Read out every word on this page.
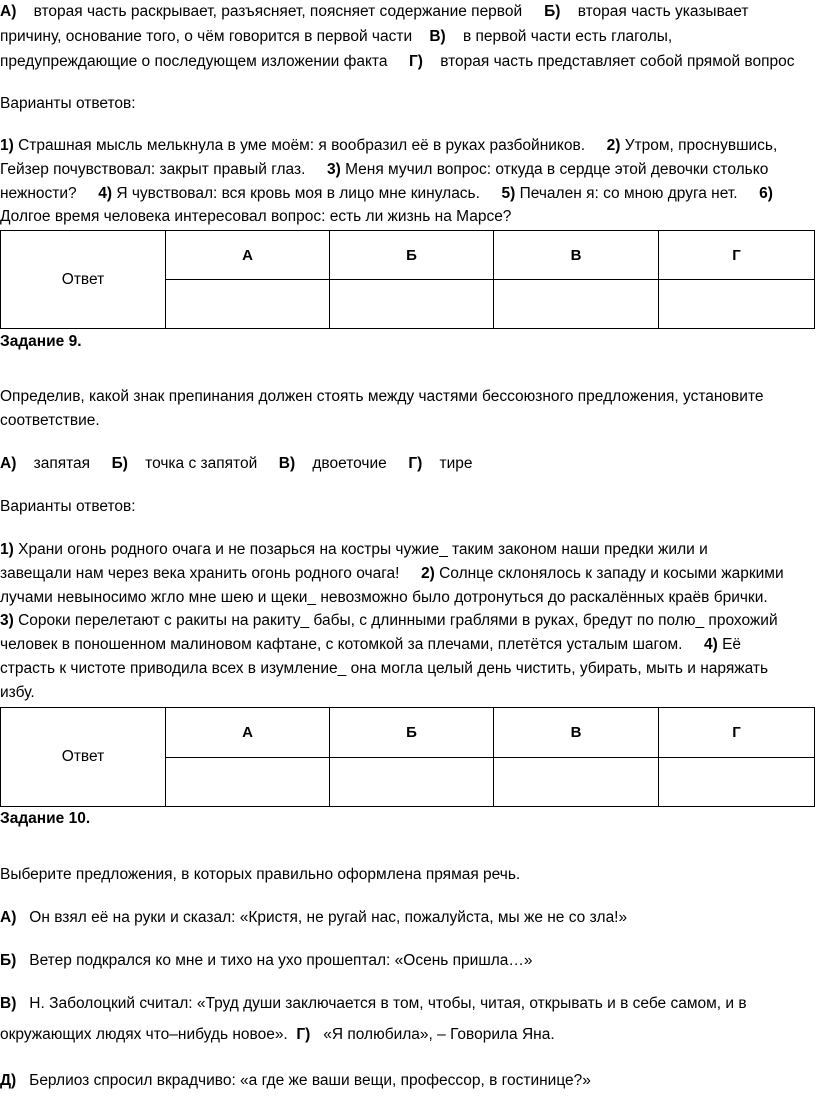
А) вторая часть раскрывает, разъясняет, поясняет содержание первой Б) вторая часть указывает
причину, основание того, о чём говорится в первой части В) в первой части есть глаголы,
предупреждающие о последующем изложении факта Г) вторая часть представляет собой прямой вопрос
Варианты ответов:
1) Страшная мысль мелькнула в уме моём: я вообразил её в руках разбойников. 2) Утром, проснувшись,
Гейзер почувствовал: закрыт правый глаз. 3) Меня мучил вопрос: откуда в сердце этой девочки столько
нежности? 4) Я чувствовал: вся кровь моя в лицо мне кинулась. 5) Печален я: со мною друга нет. 6)
Долгое время человека интересовал вопрос: есть ли жизнь на Марсе?
Ответ	А	Б	В	Г

Задание 9.
Определив, какой знак препинания должен стоять между частями бессоюзного предложения, установите
соответствие.
А) запятая Б) точка с запятой В) двоеточие Г) тире
Варианты ответов:
1) Храни огонь родного очага и не позарься на костры чужие_ таким законом наши предки жили и
завещали нам через века хранить огонь родного очага! 2) Солнце склонялось к западу и косыми жаркими
лучами невыносимо жгло мне шею и щеки_ невозможно было дотронуться до раскалённых краёв брички.
3) Сороки перелетают с ракиты на ракиту_ бабы, с длинными граблями в руках, бредут по полю_ прохожий
человек в поношенном малиновом кафтане, с котомкой за плечами, плетётся усталым шагом. 4) Её
страсть к чистоте приводила всех в изумление_ она могла целый день чистить, убирать, мыть и наряжать
избу.
Ответ	А	Б	В	Г

Задание 10.
Выберите предложения, в которых правильно оформлена прямая речь.
А) Он взял её на руки и сказал: «Кристя, не ругай нас, пожалуйста, мы же не со зла!»
Б) Ветер подкрался ко мне и тихо на ухо прошептал: «Осень пришла…»
В) Н. Заболоцкий считал: «Труд души заключается в том, чтобы, читая, открывать и в себе самом, и в
окружающих людях что–нибудь новое». Г) «Я полюбила», – Говорила Яна.
Д) Берлиоз спросил вкрадчиво: «а где же ваши вещи, профессор, в гостинице?»
